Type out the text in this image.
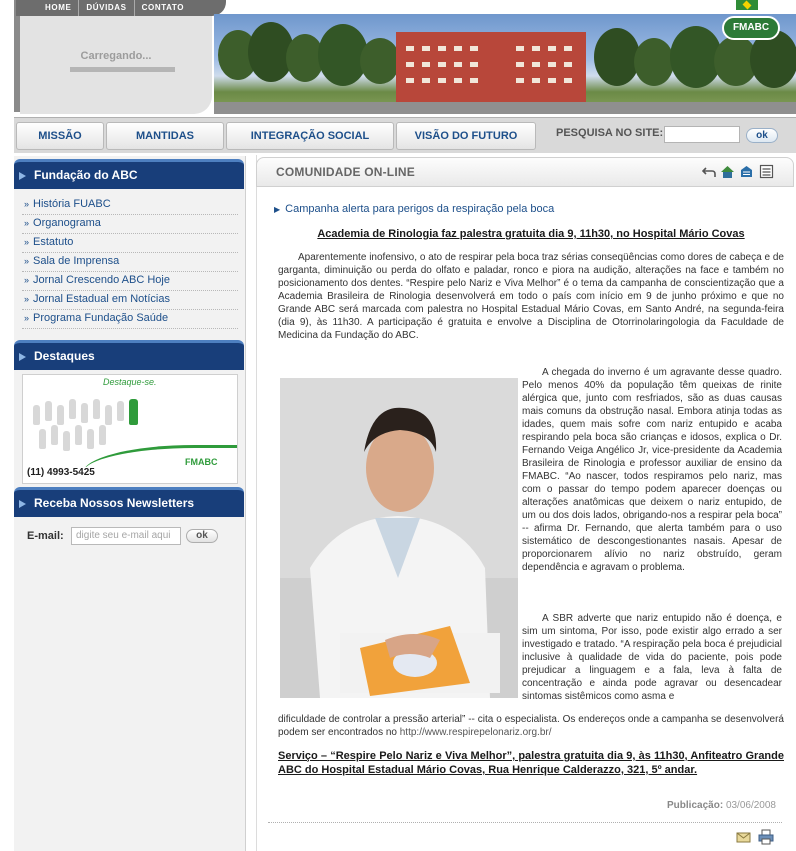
HOME	DÚVIDAS	CONTATO
Carregando...
FMABC
MISSÃO	MANTIDAS	INTEGRAÇÃO SOCIAL	VISÃO DO FUTURO	PESQUISA NO SITE:	ok
Fundação do ABC
» História FUABC
» Organograma
» Estatuto
» Sala de Imprensa
» Jornal Crescendo ABC Hoje
» Jornal Estadual em Notícias
» Programa Fundação Saúde
Destaques
Destaque-se.
(11) 4993-5425
FMABC
Receba Nossos Newsletters
E-mail:	digite seu e-mail aqui	ok
COMUNIDADE ON-LINE
▶ Campanha alerta para perigos da respiração pela boca
Academia de Rinologia faz palestra gratuita dia 9, 11h30, no Hospital Mário Covas
Aparentemente inofensivo, o ato de respirar pela boca traz sérias conseqüências como dores de cabeça e de garganta, diminuição ou perda do olfato e paladar, ronco e piora na audição, alterações na face e também no posicionamento dos dentes. “Respire pelo Nariz e Viva Melhor” é o tema da campanha de conscientização que a Academia Brasileira de Rinologia desenvolverá em todo o país com início em 9 de junho próximo e que no Grande ABC será marcada com palestra no Hospital Estadual Mário Covas, em Santo André, na segunda-feira (dia 9), às 11h30. A participação é gratuita e envolve a Disciplina de Otorrinolaringologia da Faculdade de Medicina da Fundação do ABC.
A chegada do inverno é um agravante desse quadro. Pelo menos 40% da população têm queixas de rinite alérgica que, junto com resfriados, são as duas causas mais comuns da obstrução nasal. Embora atinja todas as idades, quem mais sofre com nariz entupido e acaba respirando pela boca são crianças e idosos, explica o Dr. Fernando Veiga Angélico Jr, vice-presidente da Academia Brasileira de Rinologia e professor auxiliar de ensino da FMABC. “Ao nascer, todos respiramos pelo nariz, mas com o passar do tempo podem aparecer doenças ou alterações anatômicas que deixem o nariz entupido, de um ou dos dois lados, obrigando-nos a respirar pela boca” -- afirma Dr. Fernando, que alerta também para o uso sistemático de descongestionantes nasais. Apesar de proporcionarem alívio no nariz obstruído, geram dependência e agravam o problema.
A SBR adverte que nariz entupido não é doença, e sim um sintoma, Por isso, pode existir algo errado a ser investigado e tratado. “A respiração pela boca é prejudicial inclusive à qualidade de vida do paciente, pois pode prejudicar a linguagem e a fala, leva à falta de concentração e ainda pode agravar ou desencadear sintomas sistêmicos como asma e
dificuldade de controlar a pressão arterial” -- cita o especialista. Os endereços onde a campanha se desenvolverá podem ser encontrados no http://www.respirepelonariz.org.br/
Serviço – “Respire Pelo Nariz e Viva Melhor”, palestra gratuita dia 9, às 11h30, Anfiteatro Grande ABC do Hospital Estadual Mário Covas, Rua Henrique Calderazzo, 321, 5º andar.
Publicação: 03/06/2008
